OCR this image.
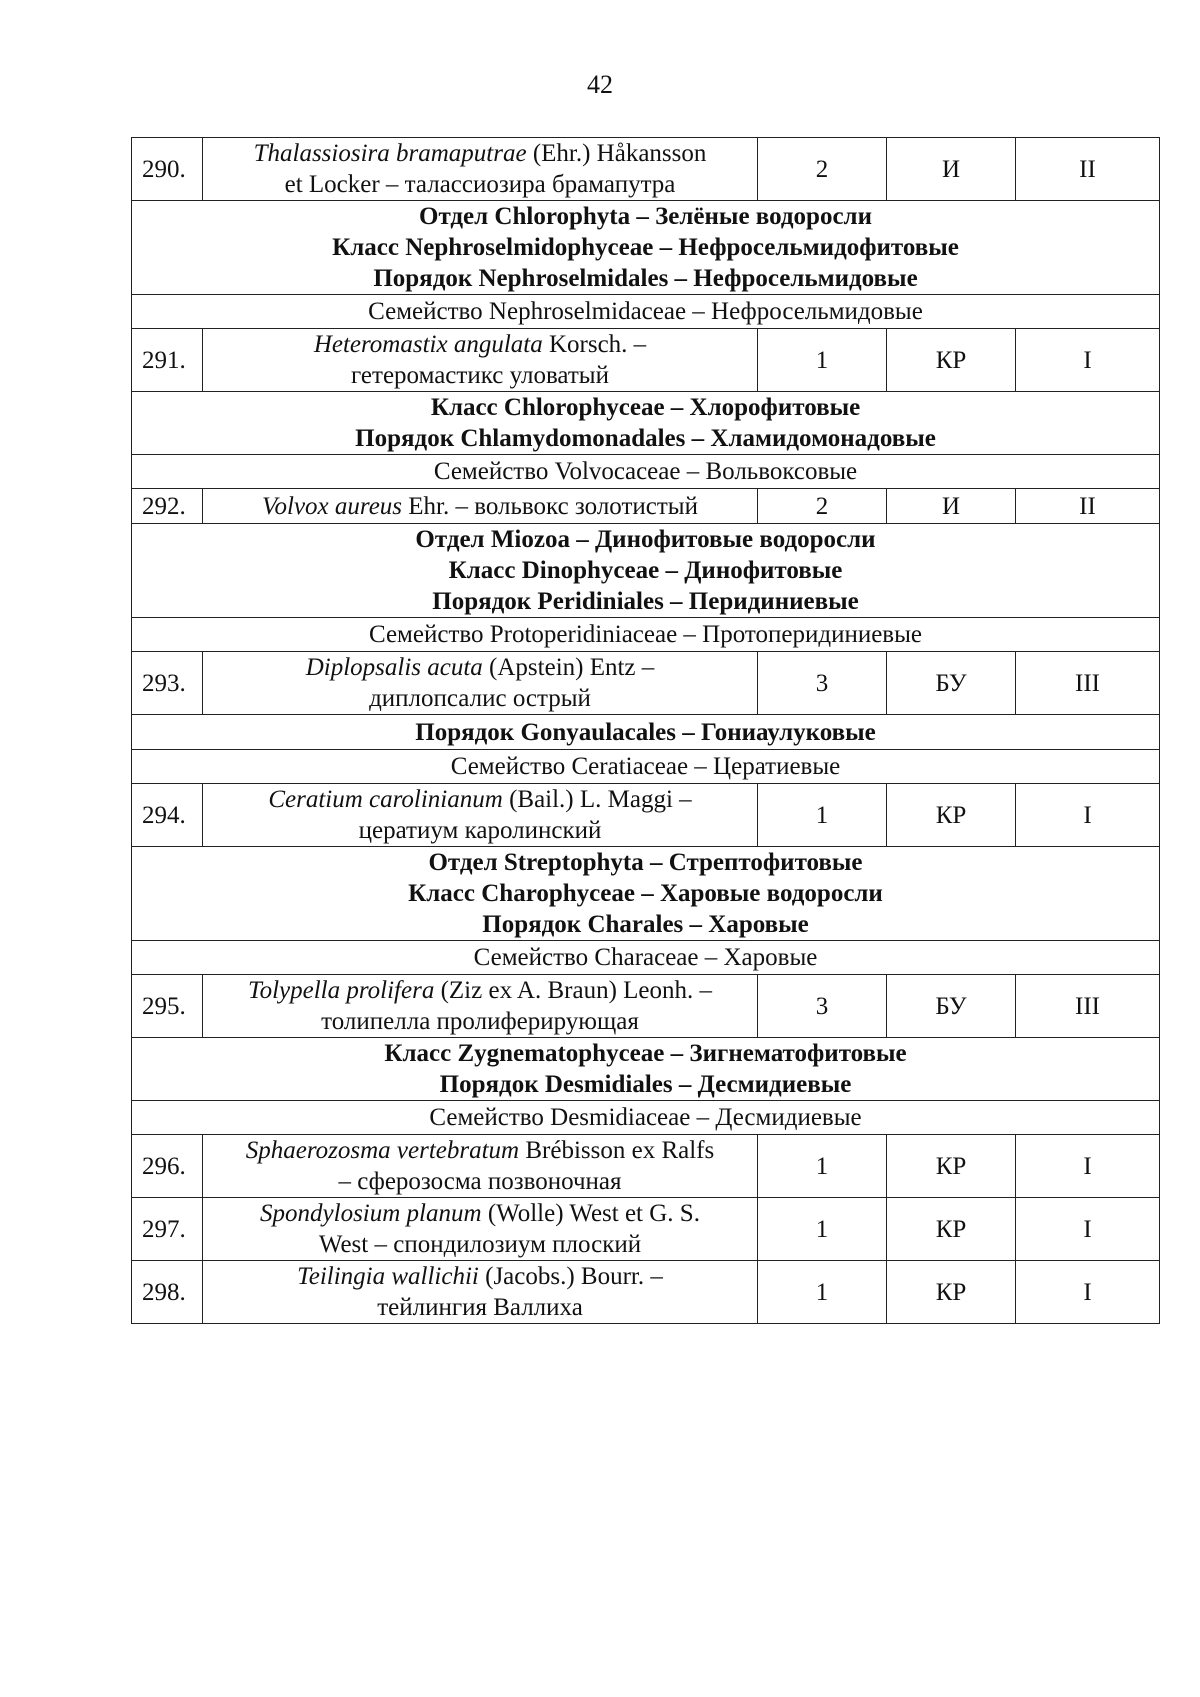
42
290.	Thalassiosira bramaputrae (Ehr.) Håkansson
et Locker – талассиозира брамапутра	2	И	II

Отдел Chlorophyta – Зелёные водоросли
Класс Nephroselmidophyceae – Нефросельмидофитовые
Порядок Nephroselmidales – Нефросельмидовые				

Семейство Nephroselmidaceae – Нефросельмидовые				
291.	Heteromastix angulata Korsch. –
гетеромастикс уловатый	1	КР	I

Класс Chlorophyceae – Хлорофитовые
Порядок Chlamydomonadales – Хламидомонадовые				

Семейство Volvocaceae – Вольвоксовые				
292.	Volvox aureus Ehr. – вольвокс золотистый	2	И	II

Отдел Miozoa – Динофитовые водоросли
Класс Dinophyceae – Динофитовые
Порядок Peridiniales – Перидиниевые				

Семейство Protoperidiniaceae – Протоперидиниевые				
293.	Diplopsalis acuta (Apstein) Entz –
диплопсалис острый	3	БУ	III

Порядок Gonyaulacales – Гониаулуковые				

Семейство Ceratiaceae – Цератиевые				
294.	Ceratium carolinianum (Bail.) L. Maggi –
цератиум каролинский	1	КР	I

Отдел Streptophyta – Стрептофитовые
Класс Charophyceae – Харовые водоросли
Порядок Charales – Харовые				

Семейство Characeae – Харовые				
295.	Tolypella prolifera (Ziz ex A. Braun) Leonh. –
толипелла пролиферирующая	3	БУ	III

Класс Zygnematophyceae – Зигнематофитовые
Порядок Desmidiales – Десмидиевые				

Семейство Desmidiaceae – Десмидиевые				
296.	Sphaerozosma vertebratum Brébisson ex Ralfs
– сферозосма позвоночная	1	КР	I
297.	Spondylosium planum (Wolle) West et G. S.
West – спондилозиум плоский	1	КР	I
298.	Teilingia wallichii (Jacobs.) Bourr. –
тейлингия Валлиха	1	КР	I
